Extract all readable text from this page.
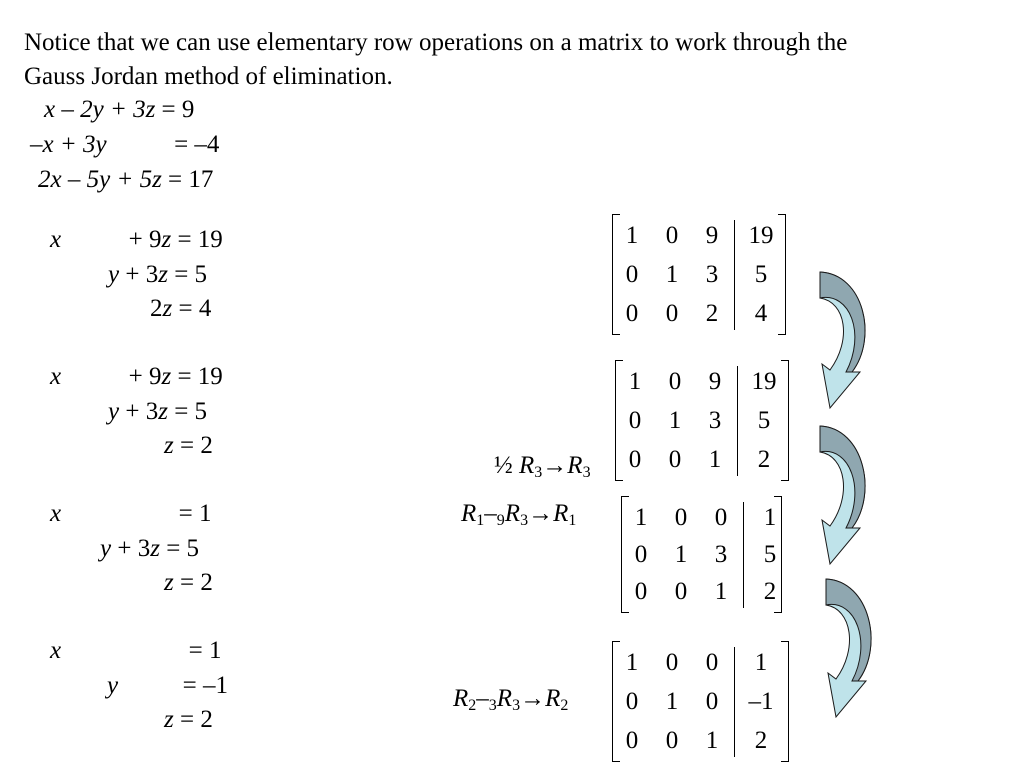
Notice that we can use elementary row operations on a matrix to work through the
Gauss Jordan method of elimination.
x – 2y + 3z = 9
–x + 3y	= –4
2x – 5y + 5z = 17
x	+ 9z = 19
y + 3z = 5
2z = 4
x	+ 9z = 19
y + 3z = 5
z = 2
x	= 1
y + 3z = 5
z = 2
x	= 1
y	= –1
z = 2
½ $R_3\to R_3$
$R_1-_9R_3\to R_1$
$R_2-_3R_3\to R_2$
1	0	9	19
0	1	3	5
0	0	2	4
1	0	9	19
0	1	3	5
0	0	1	2
1	0	0	1
0	1	3	5
0	0	1	2
1	0	0	1
0	1	0	–1
0	0	1	2
